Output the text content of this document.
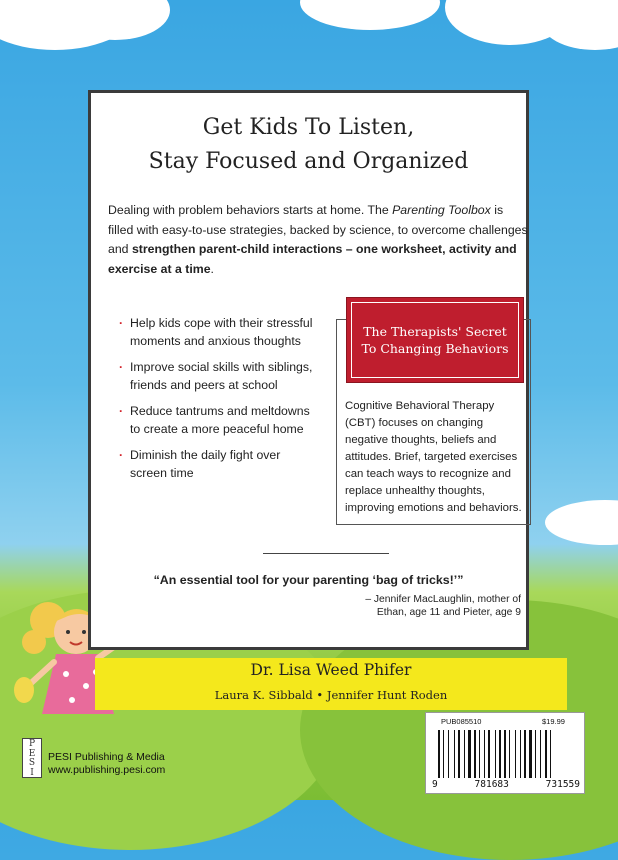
Get Kids To Listen,
Stay Focused and Organized

Dealing with problem behaviors starts at home. The Parenting Toolbox is filled with easy-to-use strategies, backed by science, to overcome challenges and strengthen parent-child interactions – one worksheet, activity and exercise at a time.

· Help kids cope with their stressful moments and anxious thoughts
· Improve social skills with siblings, friends and peers at school
· Reduce tantrums and meltdowns to create a more peaceful home
· Diminish the daily fight over screen time
The Therapists' Secret To Changing Behaviors

Cognitive Behavioral Therapy (CBT) focuses on changing negative thoughts, beliefs and attitudes. Brief, targeted exercises can teach ways to recognize and replace unhealthy thoughts, improving emotions and behaviors.

“An essential tool for your parenting ‘bag of tricks!’”
– Jennifer MacLaughlin, mother of
Ethan, age 11 and Pieter, age 9
Dr. Lisa Weed Phifer
Laura K. Sibbald • Jennifer Hunt Roden
P
E
S
I
PESI Publishing & Media
www.publishing.pesi.com
PUB085510	$19.99
9	781683	731559
